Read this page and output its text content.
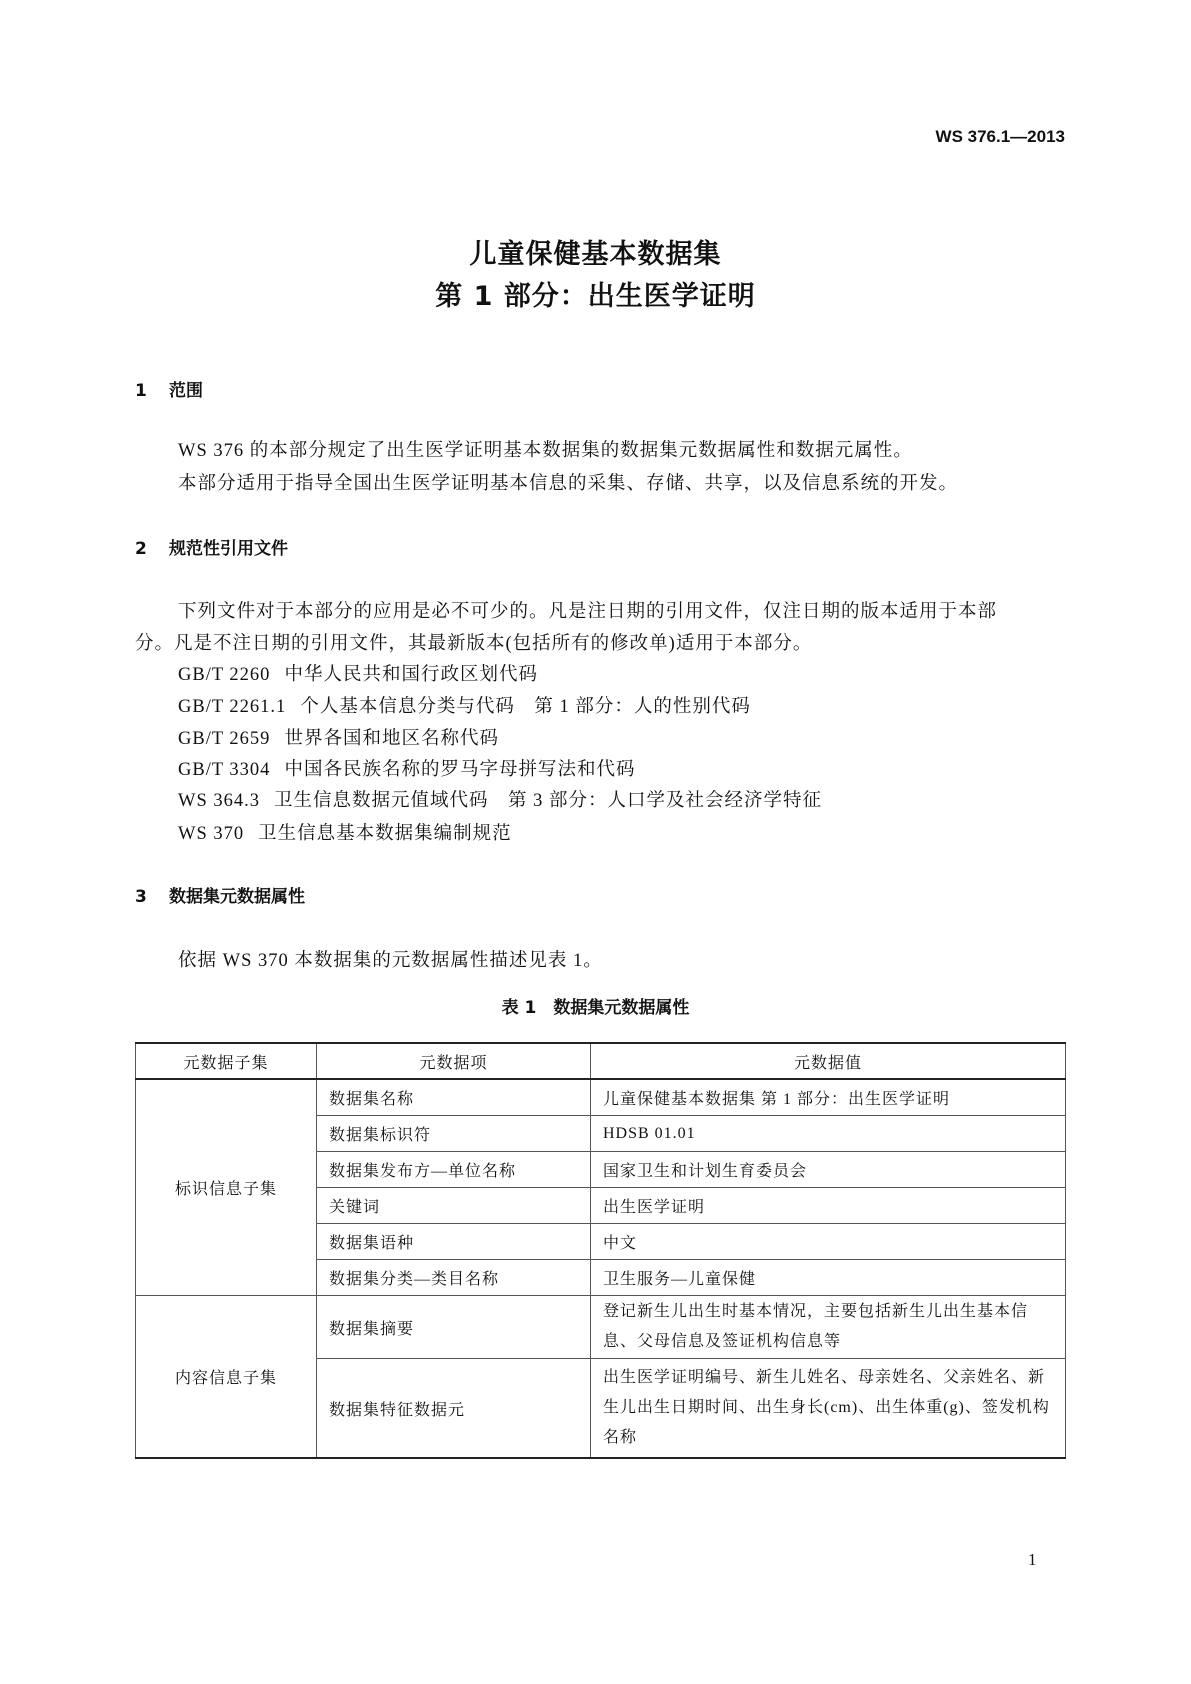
WS 376.1—2013
儿童保健基本数据集
第 1 部分：出生医学证明
1 范围
WS 376 的本部分规定了出生医学证明基本数据集的数据集元数据属性和数据元属性。
本部分适用于指导全国出生医学证明基本信息的采集、存储、共享，以及信息系统的开发。
2 规范性引用文件
下列文件对于本部分的应用是必不可少的。凡是注日期的引用文件，仅注日期的版本适用于本部
分。凡是不注日期的引用文件，其最新版本(包括所有的修改单)适用于本部分。
GB/T 2260 中华人民共和国行政区划代码
GB/T 2261.1 个人基本信息分类与代码　第 1 部分：人的性别代码
GB/T 2659 世界各国和地区名称代码
GB/T 3304 中国各民族名称的罗马字母拼写法和代码
WS 364.3 卫生信息数据元值域代码　第 3 部分：人口学及社会经济学特征
WS 370 卫生信息基本数据集编制规范
3 数据集元数据属性
依据 WS 370 本数据集的元数据属性描述见表 1。
表 1　数据集元数据属性
元数据子集	元数据项	元数据值
标识信息子集	数据集名称	儿童保健基本数据集 第 1 部分：出生医学证明
	数据集标识符	HDSB 01.01
	数据集发布方—单位名称	国家卫生和计划生育委员会
	关键词	出生医学证明
	数据集语种	中文
	数据集分类—类目名称	卫生服务—儿童保健
内容信息子集	数据集摘要	登记新生儿出生时基本情况，主要包括新生儿出生基本信息、父母信息及签证机构信息等
	数据集特征数据元	出生医学证明编号、新生儿姓名、母亲姓名、父亲姓名、新生儿出生日期时间、出生身长(cm)、出生体重(g)、签发机构名称
1
